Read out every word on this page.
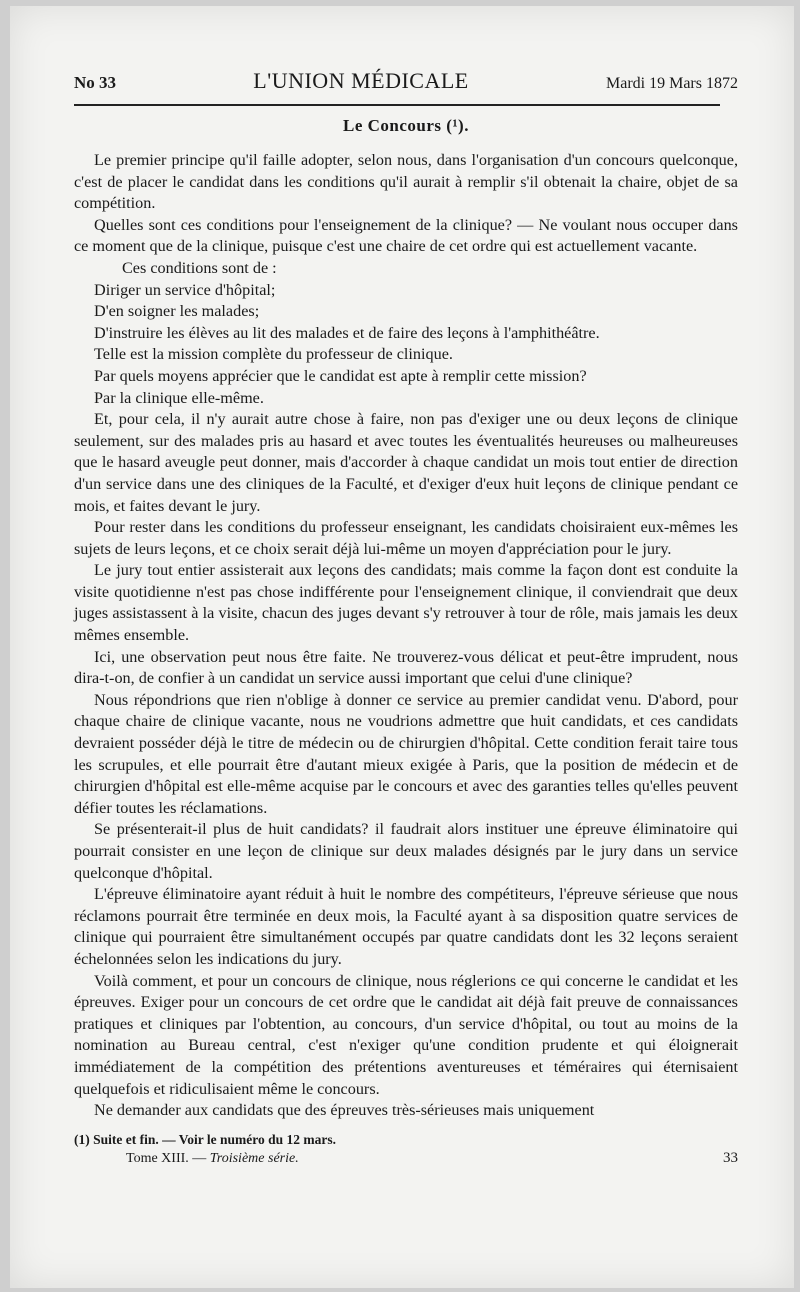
No 33	L'UNION MÉDICALE	Mardi 19 Mars 1872
Le Concours (¹).

Le premier principe qu'il faille adopter, selon nous, dans l'organisation d'un concours quelconque, c'est de placer le candidat dans les conditions qu'il aurait à remplir s'il obtenait la chaire, objet de sa compétition.

Quelles sont ces conditions pour l'enseignement de la clinique? — Ne voulant nous occuper dans ce moment que de la clinique, puisque c'est une chaire de cet ordre qui est actuellement vacante.

Ces conditions sont de :

Diriger un service d'hôpital;

D'en soigner les malades;

D'instruire les élèves au lit des malades et de faire des leçons à l'amphithéâtre.

Telle est la mission complète du professeur de clinique.

Par quels moyens apprécier que le candidat est apte à remplir cette mission?

Par la clinique elle-même.

Et, pour cela, il n'y aurait autre chose à faire, non pas d'exiger une ou deux leçons de clinique seulement, sur des malades pris au hasard et avec toutes les éventualités heureuses ou malheureuses que le hasard aveugle peut donner, mais d'accorder à chaque candidat un mois tout entier de direction d'un service dans une des cliniques de la Faculté, et d'exiger d'eux huit leçons de clinique pendant ce mois, et faites devant le jury.

Pour rester dans les conditions du professeur enseignant, les candidats choisiraient eux-mêmes les sujets de leurs leçons, et ce choix serait déjà lui-même un moyen d'appréciation pour le jury.

Le jury tout entier assisterait aux leçons des candidats; mais comme la façon dont est conduite la visite quotidienne n'est pas chose indifférente pour l'enseignement clinique, il conviendrait que deux juges assistassent à la visite, chacun des juges devant s'y retrouver à tour de rôle, mais jamais les deux mêmes ensemble.

Ici, une observation peut nous être faite. Ne trouverez-vous délicat et peut-être imprudent, nous dira-t-on, de confier à un candidat un service aussi important que celui d'une clinique?

Nous répondrions que rien n'oblige à donner ce service au premier candidat venu. D'abord, pour chaque chaire de clinique vacante, nous ne voudrions admettre que huit candidats, et ces candidats devraient posséder déjà le titre de médecin ou de chirurgien d'hôpital. Cette condition ferait taire tous les scrupules, et elle pourrait être d'autant mieux exigée à Paris, que la position de médecin et de chirurgien d'hôpital est elle-même acquise par le concours et avec des garanties telles qu'elles peuvent défier toutes les réclamations.

Se présenterait-il plus de huit candidats? il faudrait alors instituer une épreuve éliminatoire qui pourrait consister en une leçon de clinique sur deux malades désignés par le jury dans un service quelconque d'hôpital.

L'épreuve éliminatoire ayant réduit à huit le nombre des compétiteurs, l'épreuve sérieuse que nous réclamons pourrait être terminée en deux mois, la Faculté ayant à sa disposition quatre services de clinique qui pourraient être simultanément occupés par quatre candidats dont les 32 leçons seraient échelonnées selon les indications du jury.

Voilà comment, et pour un concours de clinique, nous réglerions ce qui concerne le candidat et les épreuves. Exiger pour un concours de cet ordre que le candidat ait déjà fait preuve de connaissances pratiques et cliniques par l'obtention, au concours, d'un service d'hôpital, ou tout au moins de la nomination au Bureau central, c'est n'exiger qu'une condition prudente et qui éloignerait immédiatement de la compétition des prétentions aventureuses et téméraires qui éternisaient quelquefois et ridiculisaient même le concours.

Ne demander aux candidats que des épreuves très-sérieuses mais uniquement

(1) Suite et fin. — Voir le numéro du 12 mars.
Tome XIII. — Troisième série.	33
